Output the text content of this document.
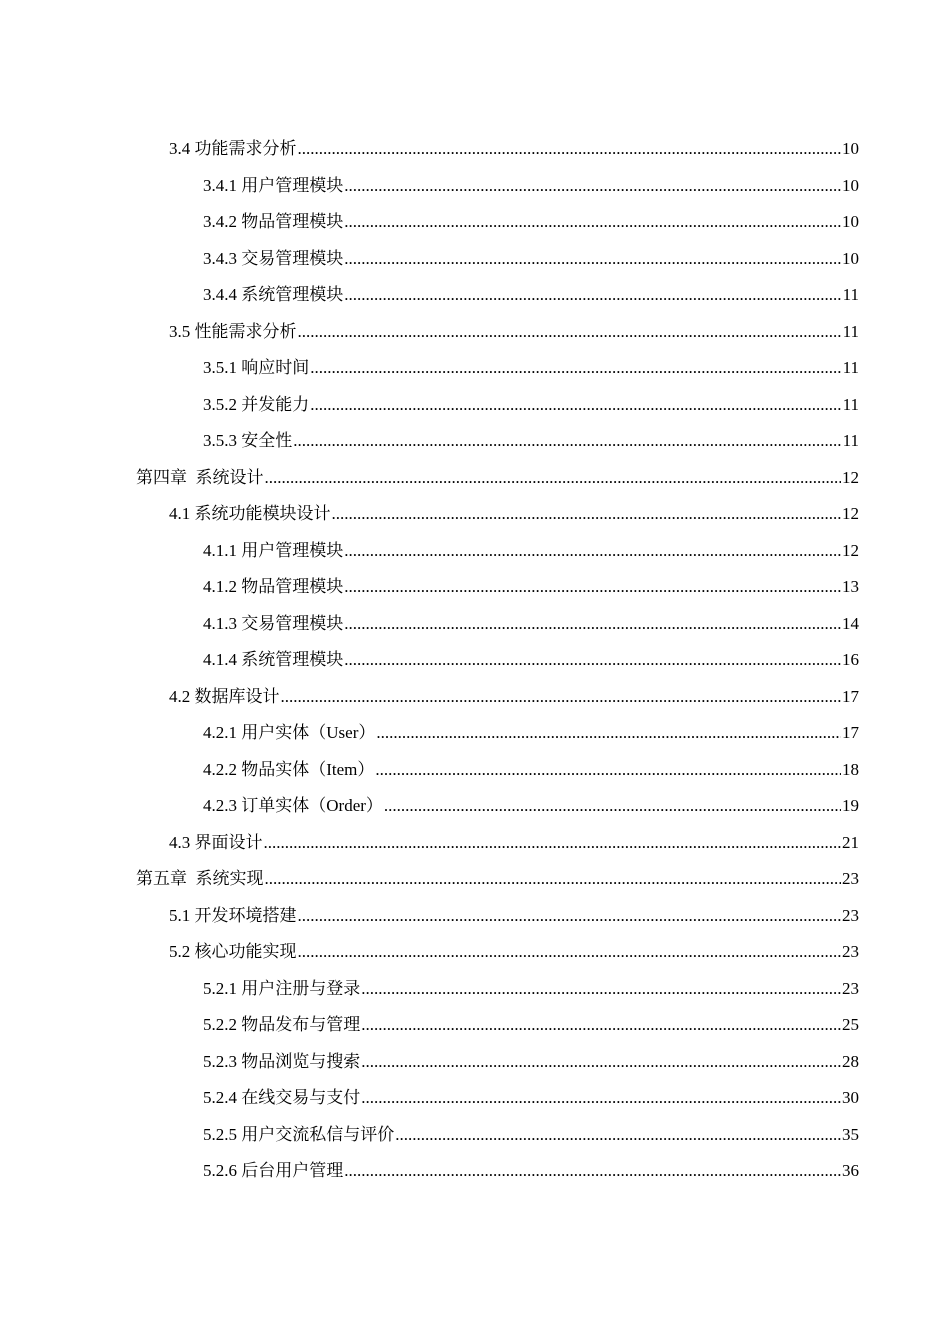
3.4 功能需求分析 .....	10
3.4.1 用户管理模块 .....	10
3.4.2 物品管理模块 .....	10
3.4.3 交易管理模块 .....	10
3.4.4 系统管理模块 .....	11
3.5 性能需求分析 .....	11
3.5.1 响应时间 .....	11
3.5.2 并发能力 .....	11
3.5.3 安全性 .....	11
第四章  系统设计 .....	12
4.1 系统功能模块设计 .....	12
4.1.1 用户管理模块 .....	12
4.1.2 物品管理模块 .....	13
4.1.3 交易管理模块 .....	14
4.1.4 系统管理模块 .....	16
4.2 数据库设计 .....	17
4.2.1 用户实体（User） .....	17
4.2.2 物品实体（Item） .....	18
4.2.3 订单实体（Order） .....	19
4.3 界面设计 .....	21
第五章  系统实现 .....	23
5.1 开发环境搭建 .....	23
5.2 核心功能实现 .....	23
5.2.1 用户注册与登录 .....	23
5.2.2 物品发布与管理 .....	25
5.2.3 物品浏览与搜索 .....	28
5.2.4 在线交易与支付 .....	30
5.2.5 用户交流私信与评价 .....	35
5.2.6 后台用户管理 .....	36
